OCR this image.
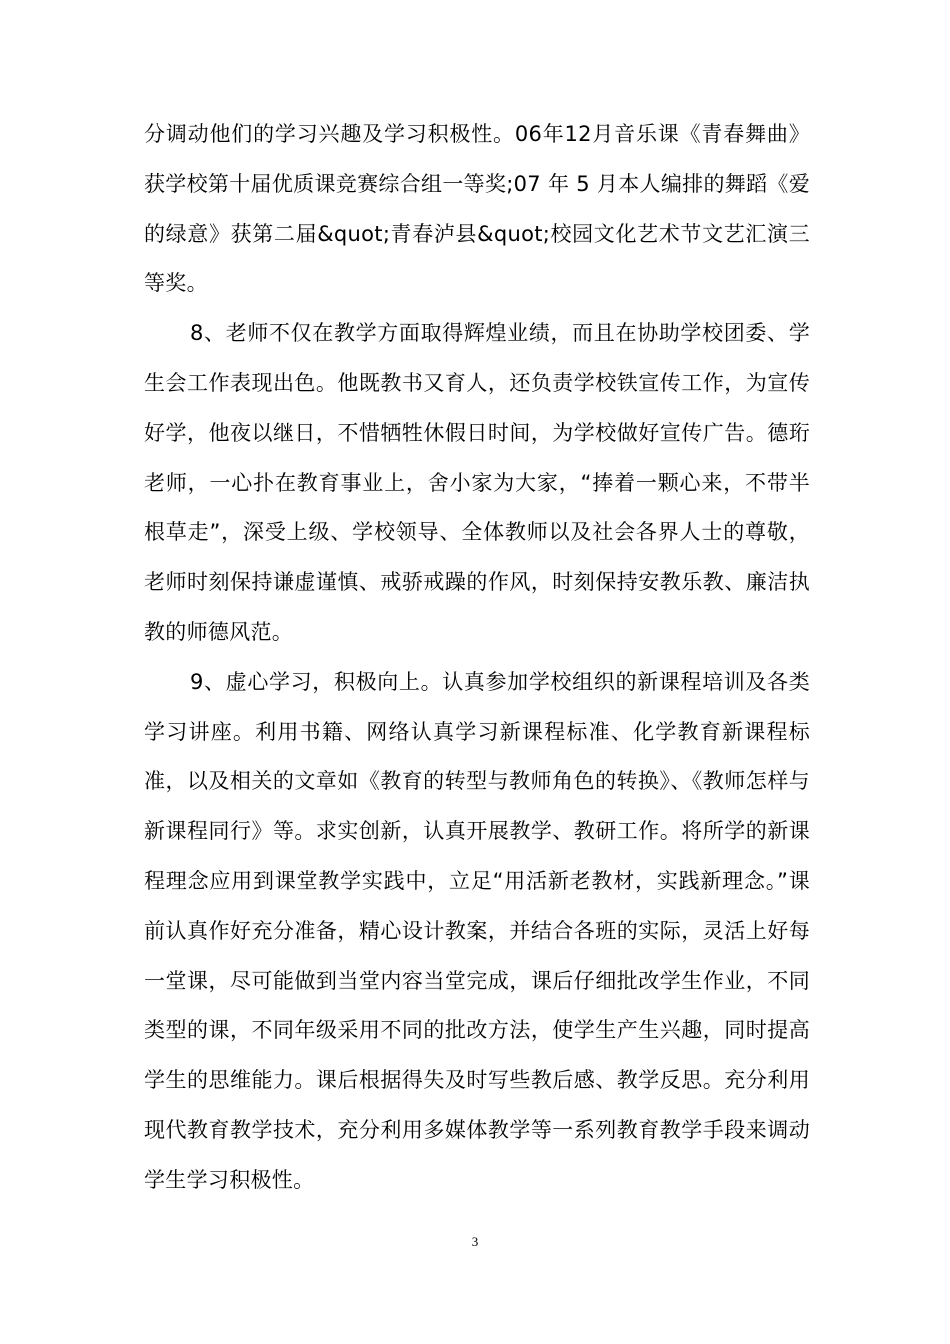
分调动他们的学习兴趣及学习积极性。06年12月音乐课《青春舞曲》获学校第十届优质课竞赛综合组一等奖;07 年 5 月本人编排的舞蹈《爱的绿意》获第二届&quot;青春泸县&quot;校园文化艺术节文艺汇演三等奖。

8、老师不仅在教学方面取得辉煌业绩，而且在协助学校团委、学生会工作表现出色。他既教书又育人，还负责学校铁宣传工作，为宣传好学，他夜以继日，不惜牺牲休假日时间，为学校做好宣传广告。德珩老师，一心扑在教育事业上，舍小家为大家，“捧着一颗心来，不带半根草走”，深受上级、学校领导、全体教师以及社会各界人士的尊敬，老师时刻保持谦虚谨慎、戒骄戒躁的作风，时刻保持安教乐教、廉洁执教的师德风范。

9、虚心学习，积极向上。认真参加学校组织的新课程培训及各类学习讲座。利用书籍、网络认真学习新课程标准、化学教育新课程标准，以及相关的文章如《教育的转型与教师角色的转换》、《教师怎样与新课程同行》等。求实创新，认真开展教学、教研工作。将所学的新课程理念应用到课堂教学实践中，立足“用活新老教材，实践新理念。”课前认真作好充分准备，精心设计教案，并结合各班的实际，灵活上好每一堂课，尽可能做到当堂内容当堂完成，课后仔细批改学生作业，不同类型的课，不同年级采用不同的批改方法，使学生产生兴趣，同时提高学生的思维能力。课后根据得失及时写些教后感、教学反思。充分利用现代教育教学技术，充分利用多媒体教学等一系列教育教学手段来调动学生学习积极性。

3
